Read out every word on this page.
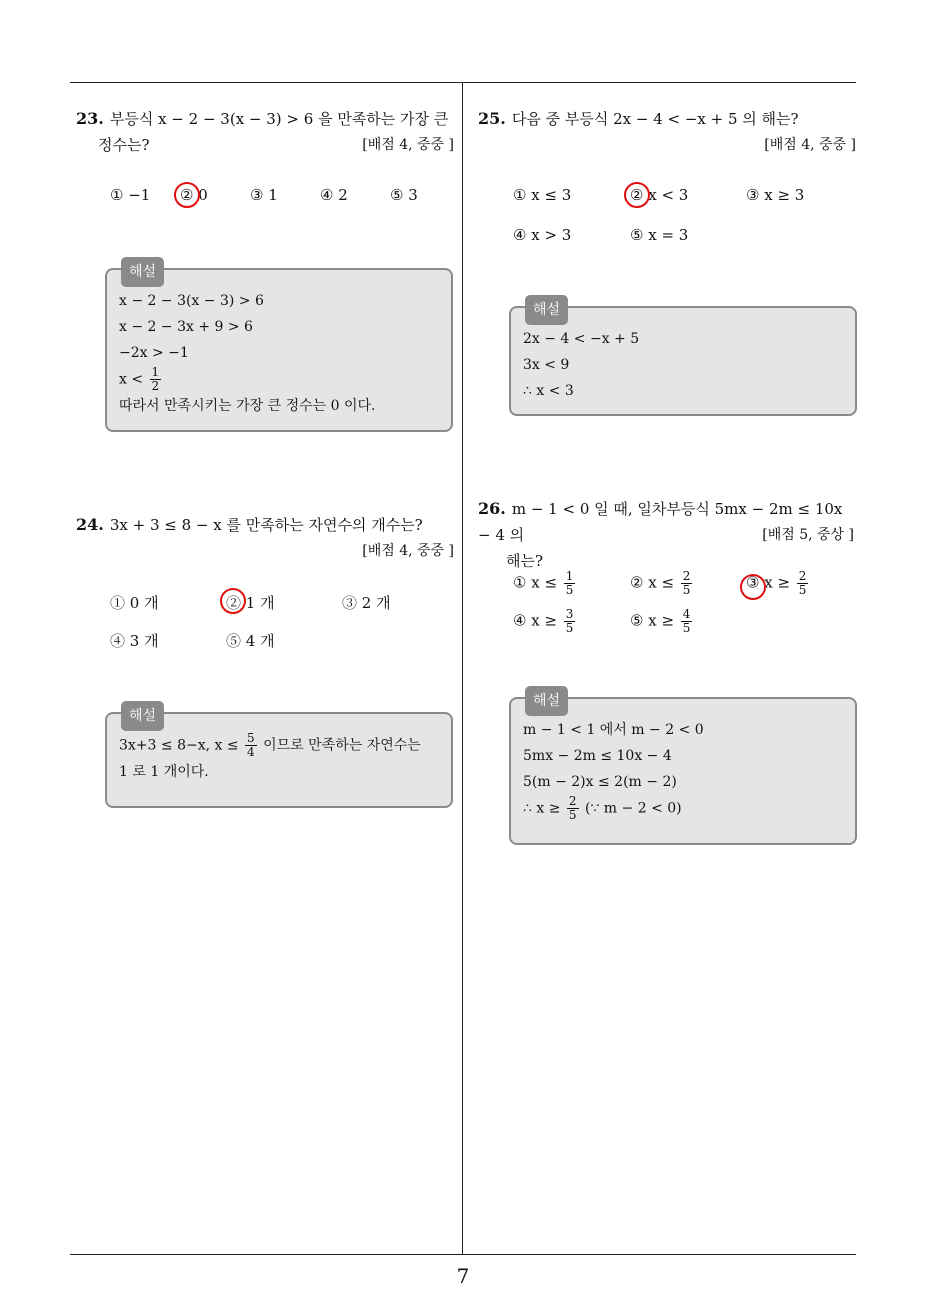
7
23. 부등식 x − 2 − 3(x − 3) > 6 을 만족하는 가장 큰
정수는?	[배점 4, 중중 ]
① −1 ② 0	③ 1	④ 2	⑤ 3
해설
x − 2 − 3(x − 3) > 6
x − 2 − 3x + 9 > 6
−2x > −1
$x < \frac{1}{2}$
따라서 만족시키는 가장 큰 정수는 0 이다.
24. 3x + 3 ≤ 8 − x 를 만족하는 자연수의 개수는?
[배점 4, 중중 ]
① 0 개	② 1 개	③ 2 개
④ 3 개	⑤ 4 개
해설
3x+3 ≤ 8−x, $x \le \frac{5}{4}$ 이므로 만족하는 자연수는
1 로 1 개이다.
25. 다음 중 부등식 2x − 4 < −x + 5 의 해는?
[배점 4, 중중 ]
① x ≤ 3	② x < 3	③ x ≥ 3
④ x > 3	⑤ x = 3
해설
2x − 4 < −x + 5
3x < 9
∴ x < 3
26. m − 1 < 0 일 때, 일차부등식 5mx − 2m ≤ 10x − 4 의
해는?
[배점 5, 중상 ]
① $x \le \frac{1}{5}$	② $x \le \frac{2}{5}$	③ $x \ge \frac{2}{5}$
④ $x \ge \frac{3}{5}$	⑤ $x \ge \frac{4}{5}$
해설
m − 1 < 1 에서 m − 2 < 0
5mx − 2m ≤ 10x − 4
5(m − 2)x ≤ 2(m − 2)
∴ $x \ge \frac{2}{5}$ (∵ m − 2 < 0)
